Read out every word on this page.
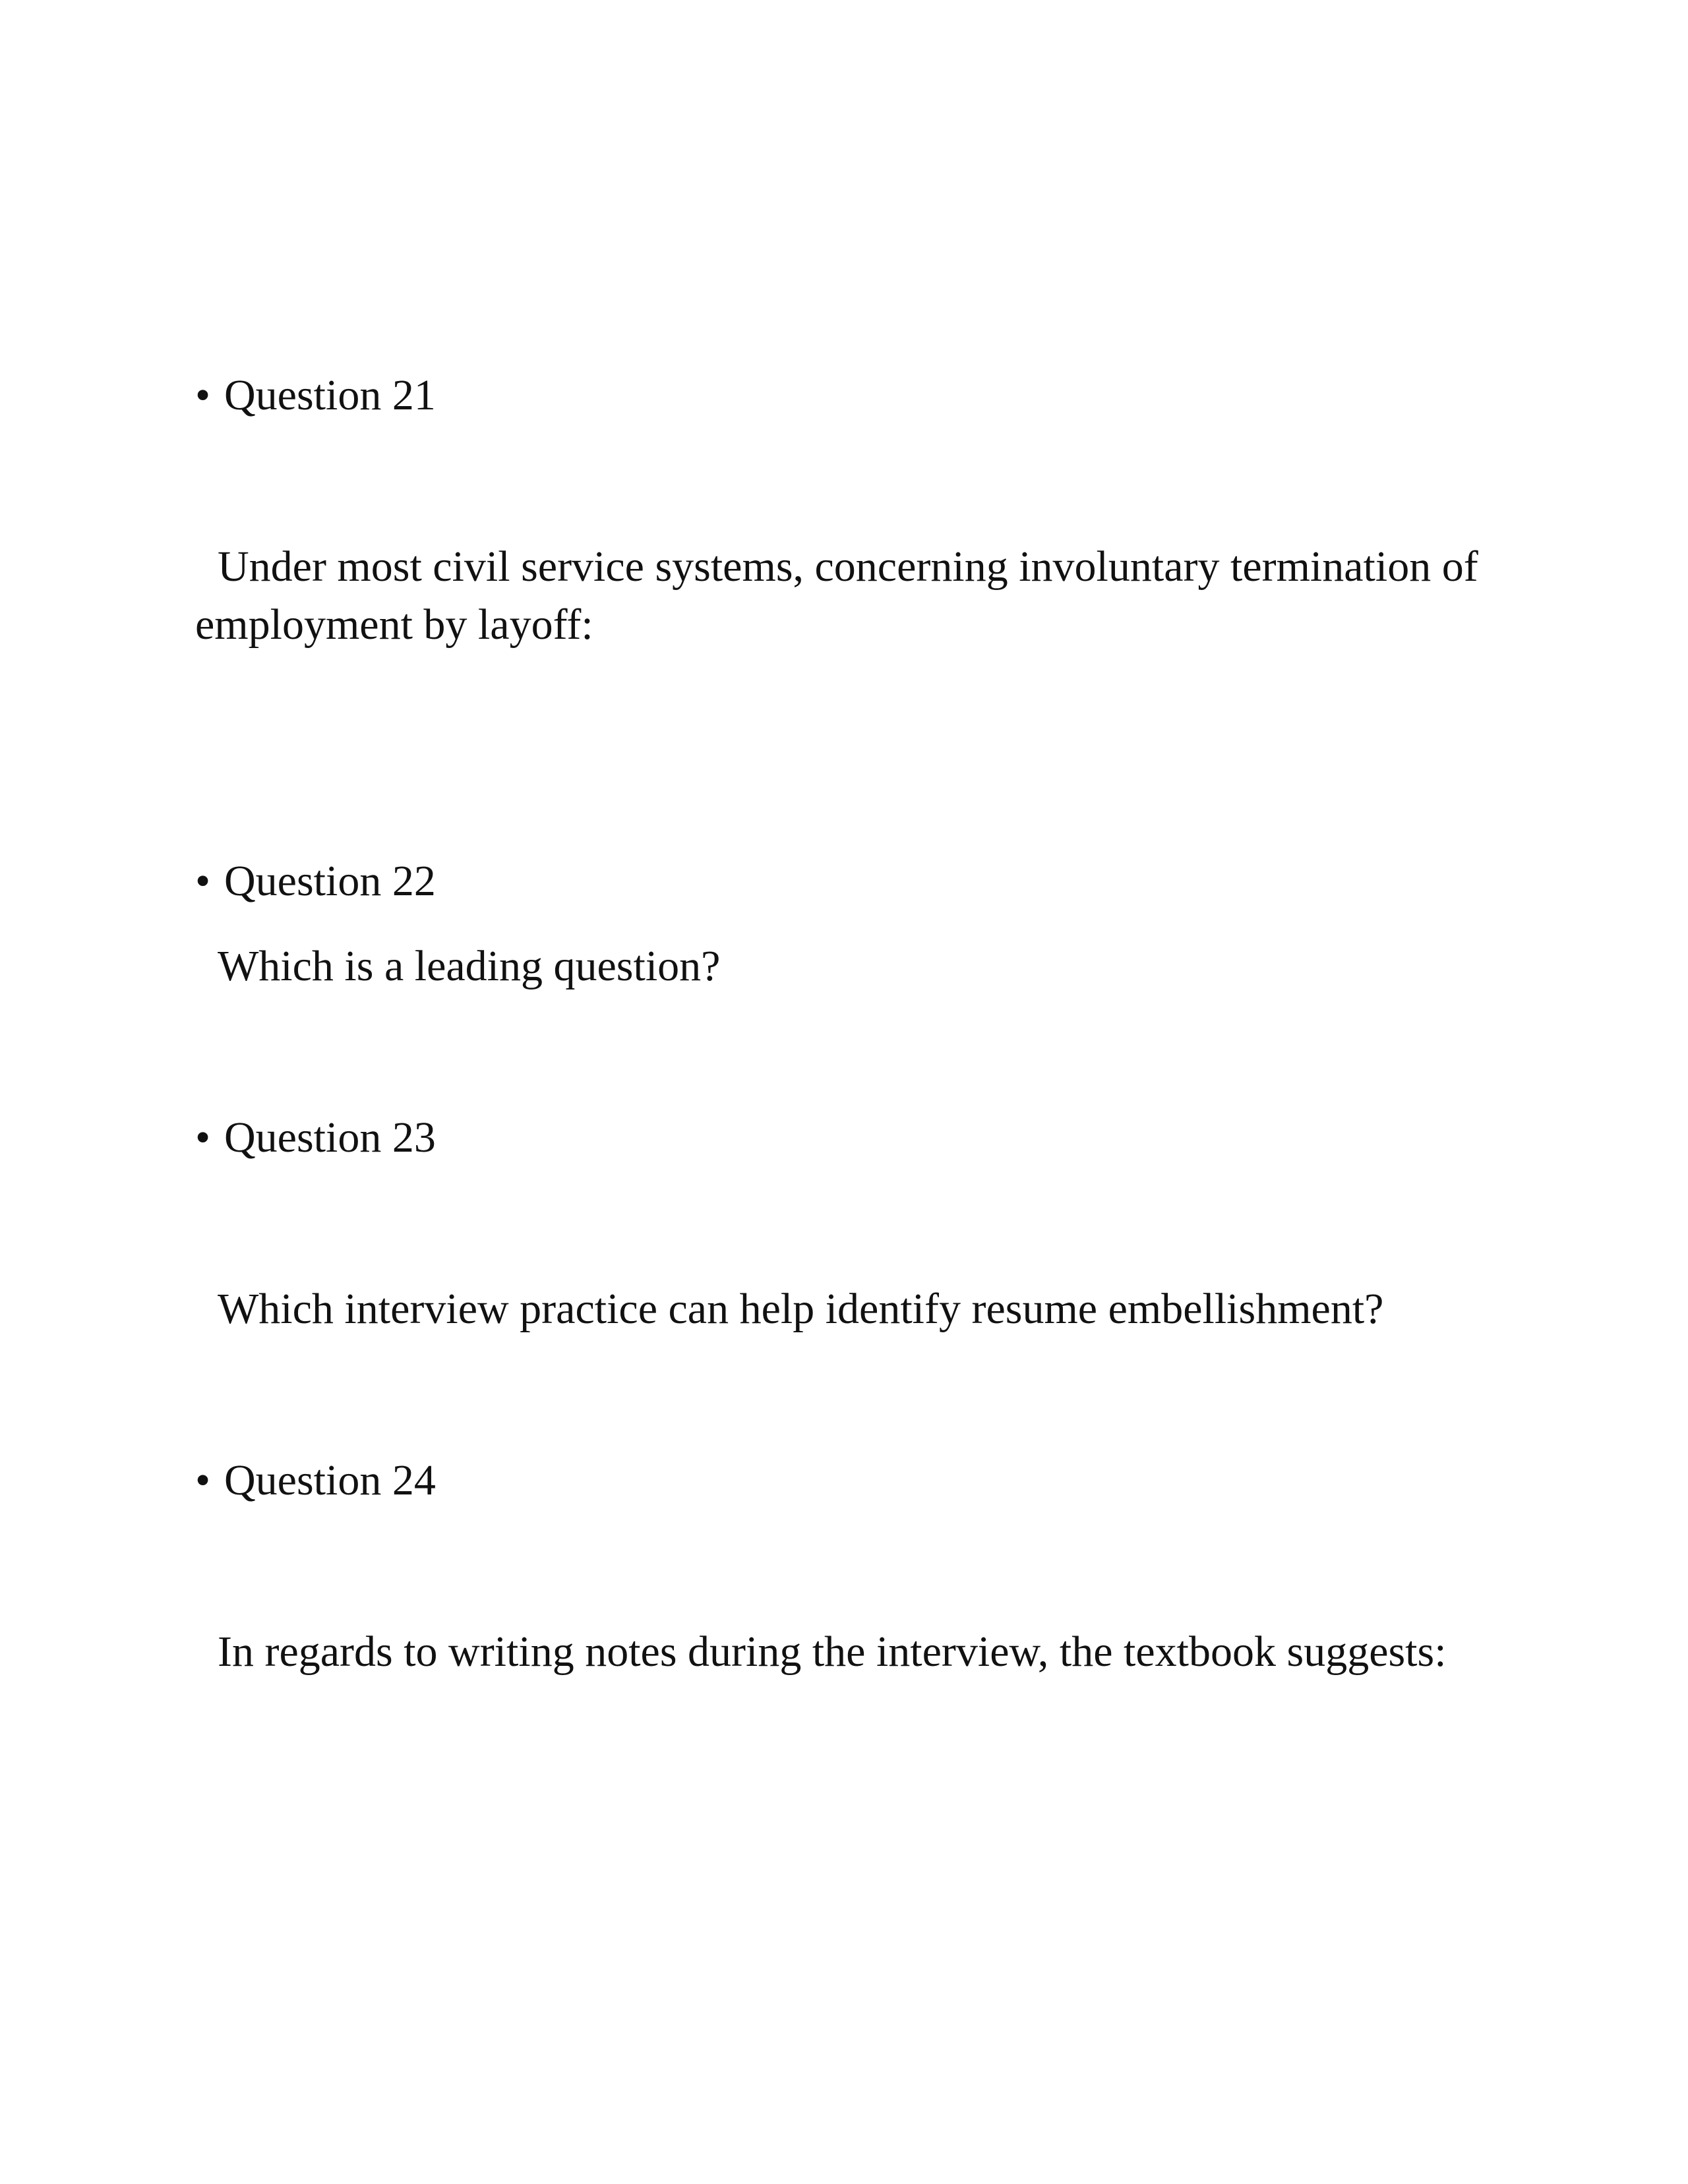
• Question 21
Under most civil service systems, concerning involuntary termination of employment by layoff:
• Question 22
Which is a leading question?
• Question 23
Which interview practice can help identify resume embellishment?
• Question 24
In regards to writing notes during the interview, the textbook suggests:
